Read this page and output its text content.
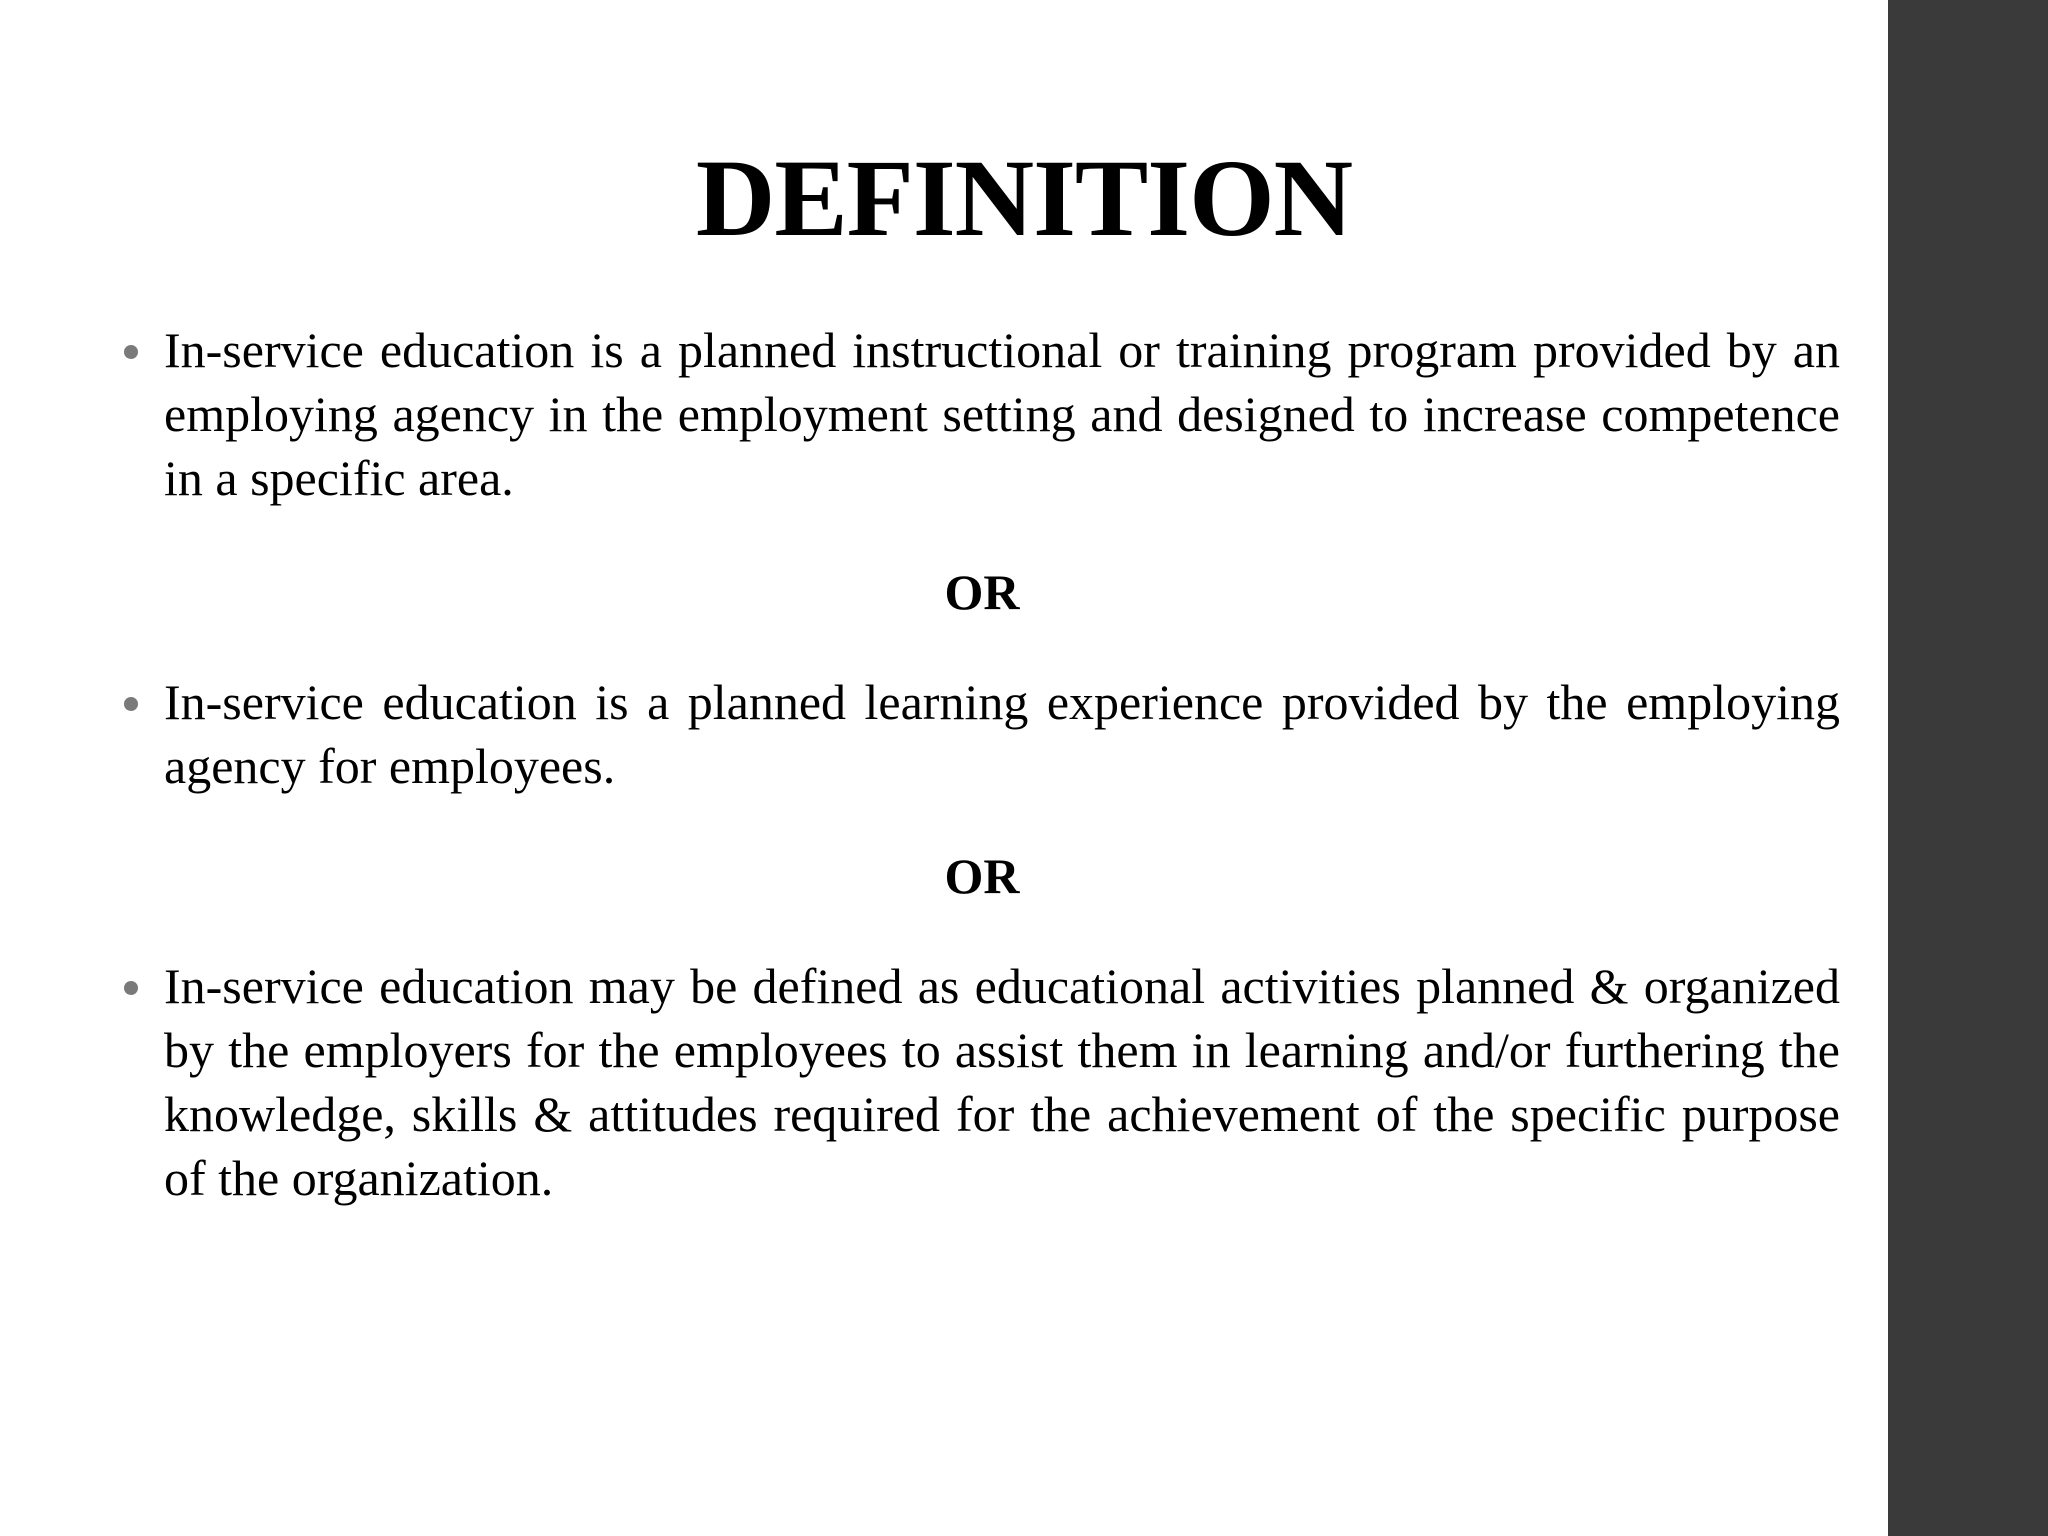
DEFINITION

In-service education is a planned instructional or training program provided by an employing agency in the employment setting and designed to increase competence in a specific area.

OR

In-service education is a planned learning experience provided by the employing agency for employees.

OR

In-service education may be defined as educational activities planned & organized by the employers for the employees to assist them in learning and/or furthering the knowledge, skills & attitudes required for the achievement of the specific purpose of the organization.
